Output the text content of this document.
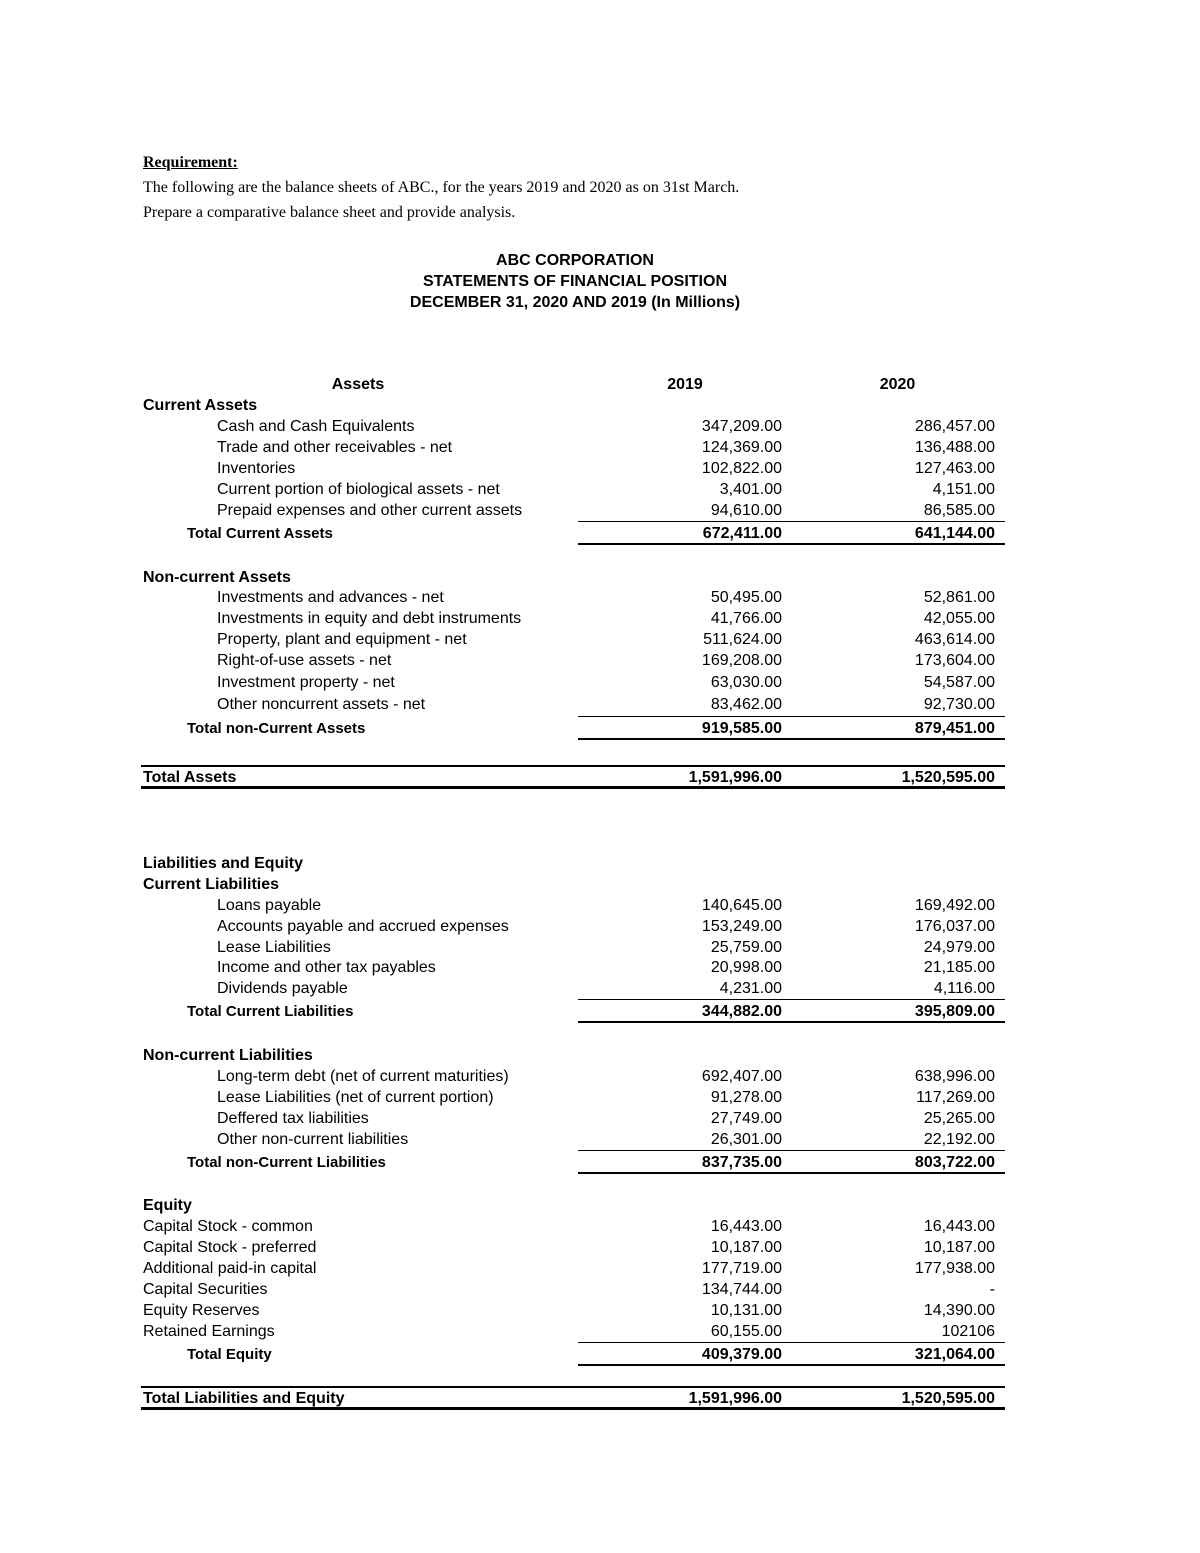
Requirement:
The following are the balance sheets of ABC., for the years 2019 and 2020 as on 31st March.
Prepare a comparative balance sheet and provide analysis.
ABC CORPORATION
STATEMENTS OF FINANCIAL POSITION
DECEMBER 31, 2020 AND 2019 (In Millions)
Assets	2019	2020
Current Assets
Cash and Cash Equivalents	347,209.00	286,457.00
Trade and other receivables - net	124,369.00	136,488.00
Inventories	102,822.00	127,463.00
Current portion of biological assets - net	3,401.00	4,151.00
Prepaid expenses and other current assets	94,610.00	86,585.00
Total Current Assets	672,411.00	641,144.00
Non-current Assets
Investments and advances - net	50,495.00	52,861.00
Investments in equity and debt instruments	41,766.00	42,055.00
Property, plant and equipment - net	511,624.00	463,614.00
Right-of-use assets - net	169,208.00	173,604.00
Investment property - net	63,030.00	54,587.00
Other noncurrent assets - net	83,462.00	92,730.00
Total non-Current Assets	919,585.00	879,451.00
Total Assets	1,591,996.00	1,520,595.00
Liabilities and Equity
Current Liabilities
Loans payable	140,645.00	169,492.00
Accounts payable and accrued expenses	153,249.00	176,037.00
Lease Liabilities	25,759.00	24,979.00
Income and other tax payables	20,998.00	21,185.00
Dividends payable	4,231.00	4,116.00
Total Current Liabilities	344,882.00	395,809.00
Non-current Liabilities
Long-term debt (net of current maturities)	692,407.00	638,996.00
Lease Liabilities (net of current portion)	91,278.00	117,269.00
Deffered tax liabilities	27,749.00	25,265.00
Other non-current liabilities	26,301.00	22,192.00
Total non-Current Liabilities	837,735.00	803,722.00
Equity
Capital Stock - common	16,443.00	16,443.00
Capital Stock - preferred	10,187.00	10,187.00
Additional paid-in capital	177,719.00	177,938.00
Capital Securities	134,744.00	-
Equity Reserves	10,131.00	14,390.00
Retained Earnings	60,155.00	102106
Total Equity	409,379.00	321,064.00
Total Liabilities and Equity	1,591,996.00	1,520,595.00
